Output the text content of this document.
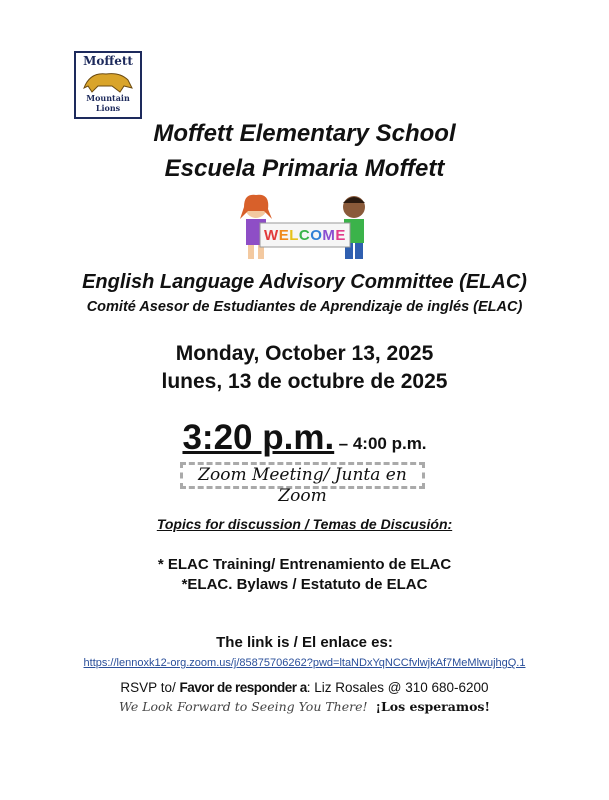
Moffett
Mountain
Lions
Moffett Elementary School
Escuela Primaria Moffett
WELCOME
English Language Advisory Committee (ELAC)
Comité Asesor de Estudiantes de Aprendizaje de inglés (ELAC)
Monday, October 13, 2025
lunes, 13 de octubre de 2025
3:20 p.m. – 4:00 p.m.
Zoom Meeting/ Junta en Zoom
Topics for discussion / Temas de Discusión:
* ELAC Training/ Entrenamiento de ELAC
*ELAC. Bylaws / Estatuto de ELAC
The link is / El enlace es:
https://lennoxk12-org.zoom.us/j/85875706262?pwd=ltaNDxYqNCCfvlwjkAf7MeMlwujhgQ.1
RSVP to/ Favor de responder a: Liz Rosales @ 310 680-6200
We Look Forward to Seeing You There! ¡Los esperamos!
